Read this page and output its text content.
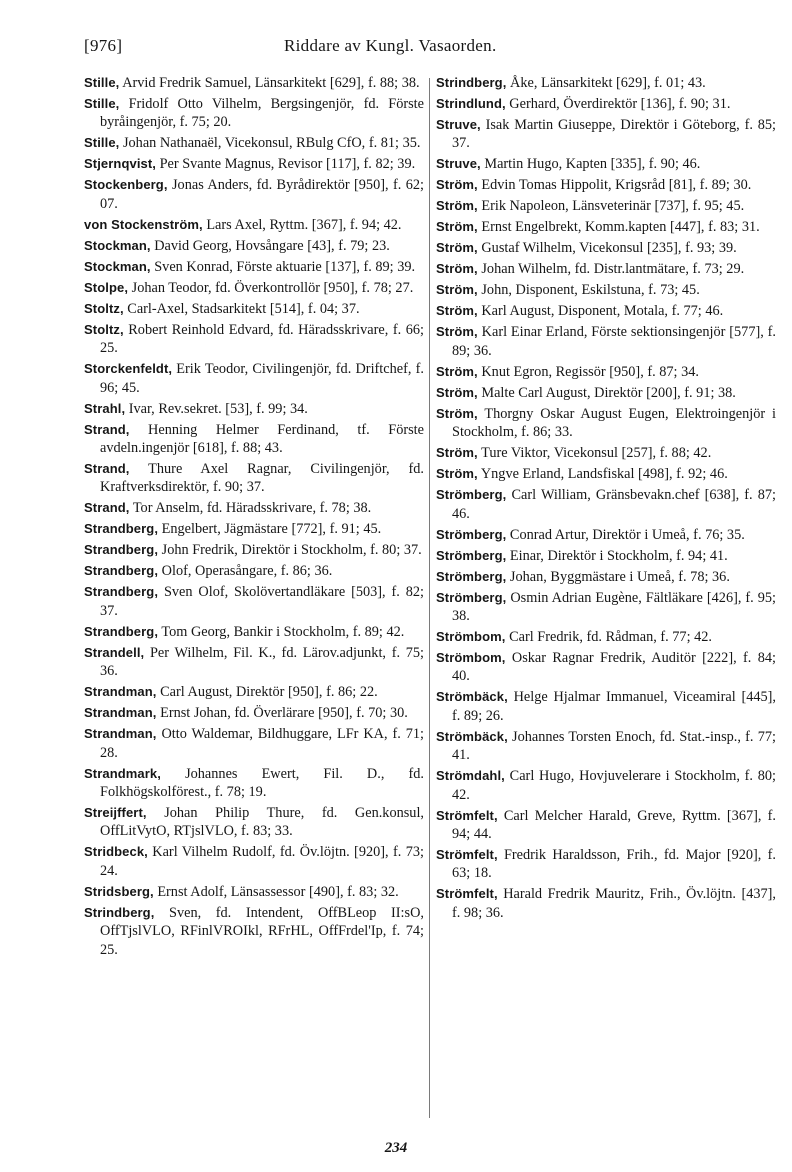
[976]	Riddare av Kungl. Vasaorden.
Stille, Arvid Fredrik Samuel, Länsarkitekt [629], f. 88; 38.
Stille, Fridolf Otto Vilhelm, Bergsingenjör, fd. Förste byråingenjör, f. 75; 20.
Stille, Johan Nathanaël, Vicekonsul, RBulg CfO, f. 81; 35.
Stjernqvist, Per Svante Magnus, Revisor [117], f. 82; 39.
Stockenberg, Jonas Anders, fd. Byrådirektör [950], f. 62; 07.
von Stockenström, Lars Axel, Ryttm. [367], f. 94; 42.
Stockman, David Georg, Hovsångare [43], f. 79; 23.
Stockman, Sven Konrad, Förste aktuarie [137], f. 89; 39.
Stolpe, Johan Teodor, fd. Överkontrollör [950], f. 78; 27.
Stoltz, Carl-Axel, Stadsarkitekt [514], f. 04; 37.
Stoltz, Robert Reinhold Edvard, fd. Häradsskrivare, f. 66; 25.
Storckenfeldt, Erik Teodor, Civilingenjör, fd. Driftchef, f. 96; 45.
Strahl, Ivar, Rev.sekret. [53], f. 99; 34.
Strand, Henning Helmer Ferdinand, tf. Förste avdeln.ingenjör [618], f. 88; 43.
Strand, Thure Axel Ragnar, Civilingenjör, fd. Kraftverksdirektör, f. 90; 37.
Strand, Tor Anselm, fd. Häradsskrivare, f. 78; 38.
Strandberg, Engelbert, Jägmästare [772], f. 91; 45.
Strandberg, John Fredrik, Direktör i Stockholm, f. 80; 37.
Strandberg, Olof, Operasångare, f. 86; 36.
Strandberg, Sven Olof, Skolövertandläkare [503], f. 82; 37.
Strandberg, Tom Georg, Bankir i Stockholm, f. 89; 42.
Strandell, Per Wilhelm, Fil. K., fd. Lärov.adjunkt, f. 75; 36.
Strandman, Carl August, Direktör [950], f. 86; 22.
Strandman, Ernst Johan, fd. Överlärare [950], f. 70; 30.
Strandman, Otto Waldemar, Bildhuggare, LFr KA, f. 71; 28.
Strandmark, Johannes Ewert, Fil. D., fd. Folkhögskolförest., f. 78; 19.
Streijffert, Johan Philip Thure, fd. Gen.konsul, OffLitVytO, RTjslVLO, f. 83; 33.
Stridbeck, Karl Vilhelm Rudolf, fd. Öv.löjtn. [920], f. 73; 24.
Stridsberg, Ernst Adolf, Länsassessor [490], f. 83; 32.
Strindberg, Sven, fd. Intendent, OffBLeop II:sO, OffTjslVLO, RFinlVROIkl, RFrHL, OffFrdel'Ip, f. 74; 25.
Strindberg, Åke, Länsarkitekt [629], f. 01; 43.
Strindlund, Gerhard, Överdirektör [136], f. 90; 31.
Struve, Isak Martin Giuseppe, Direktör i Göteborg, f. 85; 37.
Struve, Martin Hugo, Kapten [335], f. 90; 46.
Ström, Edvin Tomas Hippolit, Krigsråd [81], f. 89; 30.
Ström, Erik Napoleon, Länsveterinär [737], f. 95; 45.
Ström, Ernst Engelbrekt, Komm.kapten [447], f. 83; 31.
Ström, Gustaf Wilhelm, Vicekonsul [235], f. 93; 39.
Ström, Johan Wilhelm, fd. Distr.lantmätare, f. 73; 29.
Ström, John, Disponent, Eskilstuna, f. 73; 45.
Ström, Karl August, Disponent, Motala, f. 77; 46.
Ström, Karl Einar Erland, Förste sektionsingenjör [577], f. 89; 36.
Ström, Knut Egron, Regissör [950], f. 87; 34.
Ström, Malte Carl August, Direktör [200], f. 91; 38.
Ström, Thorgny Oskar August Eugen, Elektroingenjör i Stockholm, f. 86; 33.
Ström, Ture Viktor, Vicekonsul [257], f. 88; 42.
Ström, Yngve Erland, Landsfiskal [498], f. 92; 46.
Strömberg, Carl William, Gränsbevakn.chef [638], f. 87; 46.
Strömberg, Conrad Artur, Direktör i Umeå, f. 76; 35.
Strömberg, Einar, Direktör i Stockholm, f. 94; 41.
Strömberg, Johan, Byggmästare i Umeå, f. 78; 36.
Strömberg, Osmin Adrian Eugène, Fältläkare [426], f. 95; 38.
Strömbom, Carl Fredrik, fd. Rådman, f. 77; 42.
Strömbom, Oskar Ragnar Fredrik, Auditör [222], f. 84; 40.
Strömbäck, Helge Hjalmar Immanuel, Viceamiral [445], f. 89; 26.
Strömbäck, Johannes Torsten Enoch, fd. Stat.-insp., f. 77; 41.
Strömdahl, Carl Hugo, Hovjuvelerare i Stockholm, f. 80; 42.
Strömfelt, Carl Melcher Harald, Greve, Ryttm. [367], f. 94; 44.
Strömfelt, Fredrik Haraldsson, Frih., fd. Major [920], f. 63; 18.
Strömfelt, Harald Fredrik Mauritz, Frih., Öv.löjtn. [437], f. 98; 36.
234
